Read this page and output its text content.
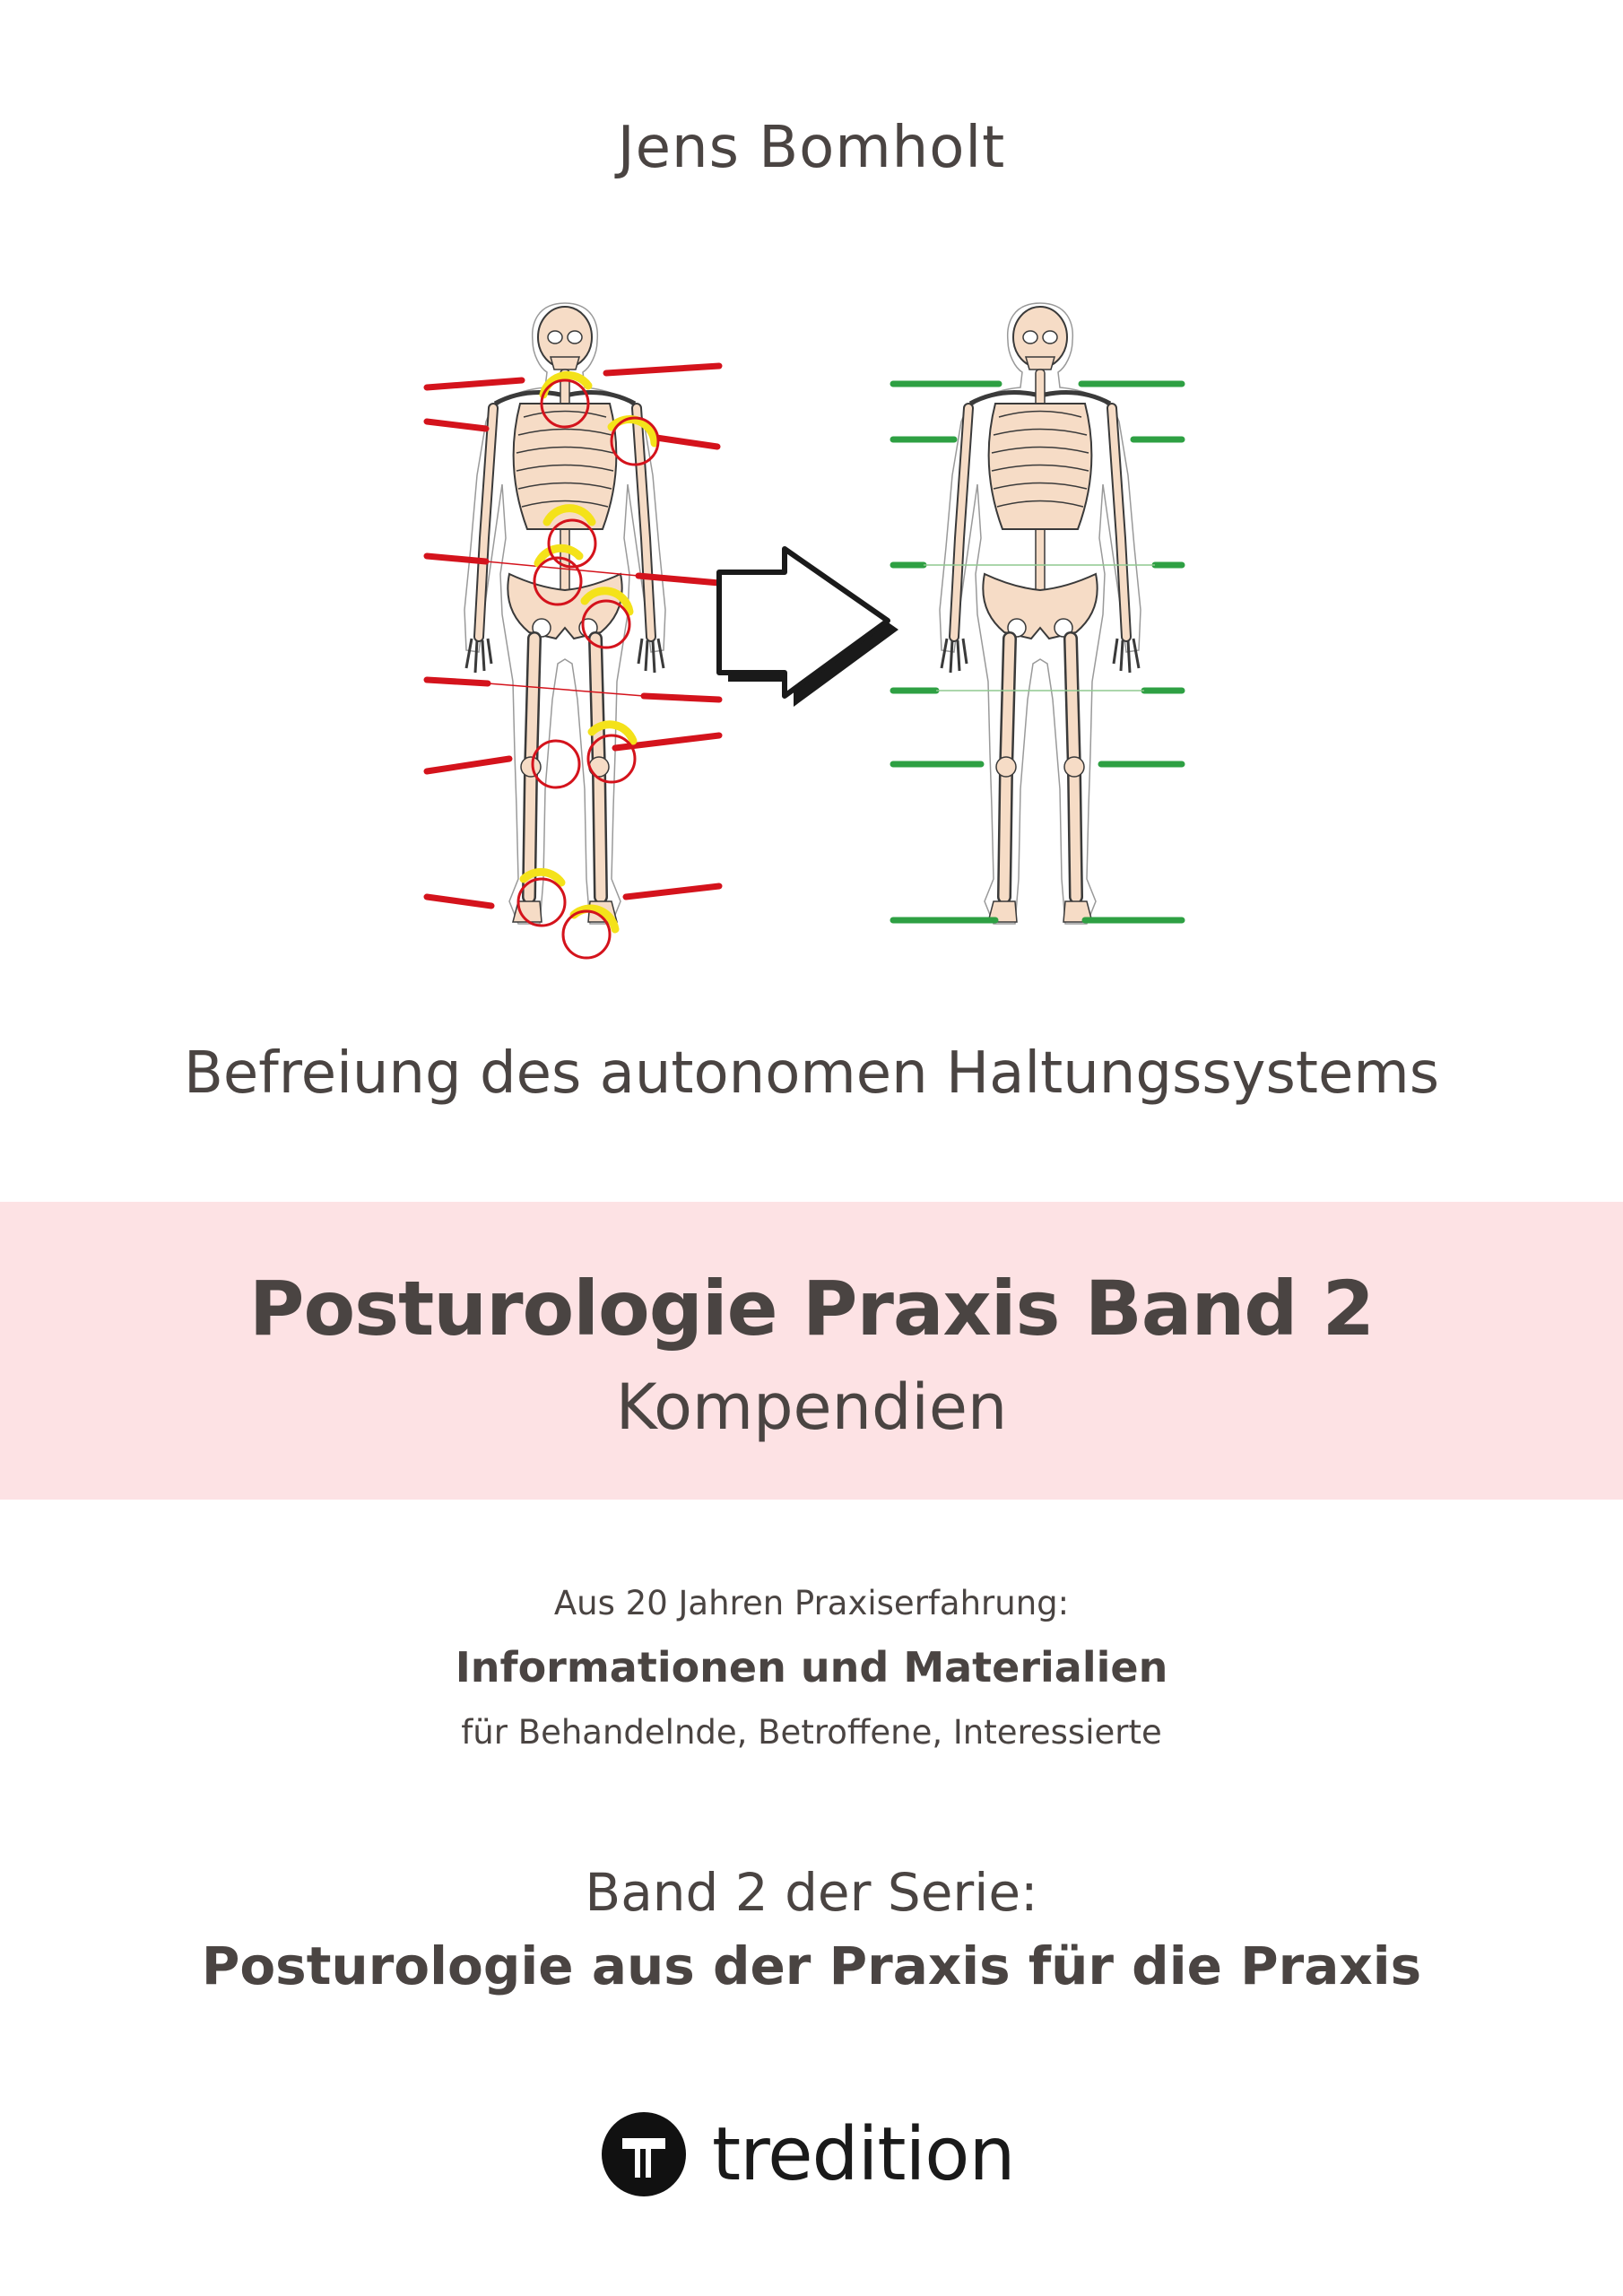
Jens Bomholt
Befreiung des autonomen Haltungssystems
Posturologie Praxis Band 2
Kompendien
Aus 20 Jahren Praxiserfahrung:
Informationen und Materialien
für Behandelnde, Betroffene, Interessierte
Band 2 der Serie:
Posturologie aus der Praxis für die Praxis
tredition
